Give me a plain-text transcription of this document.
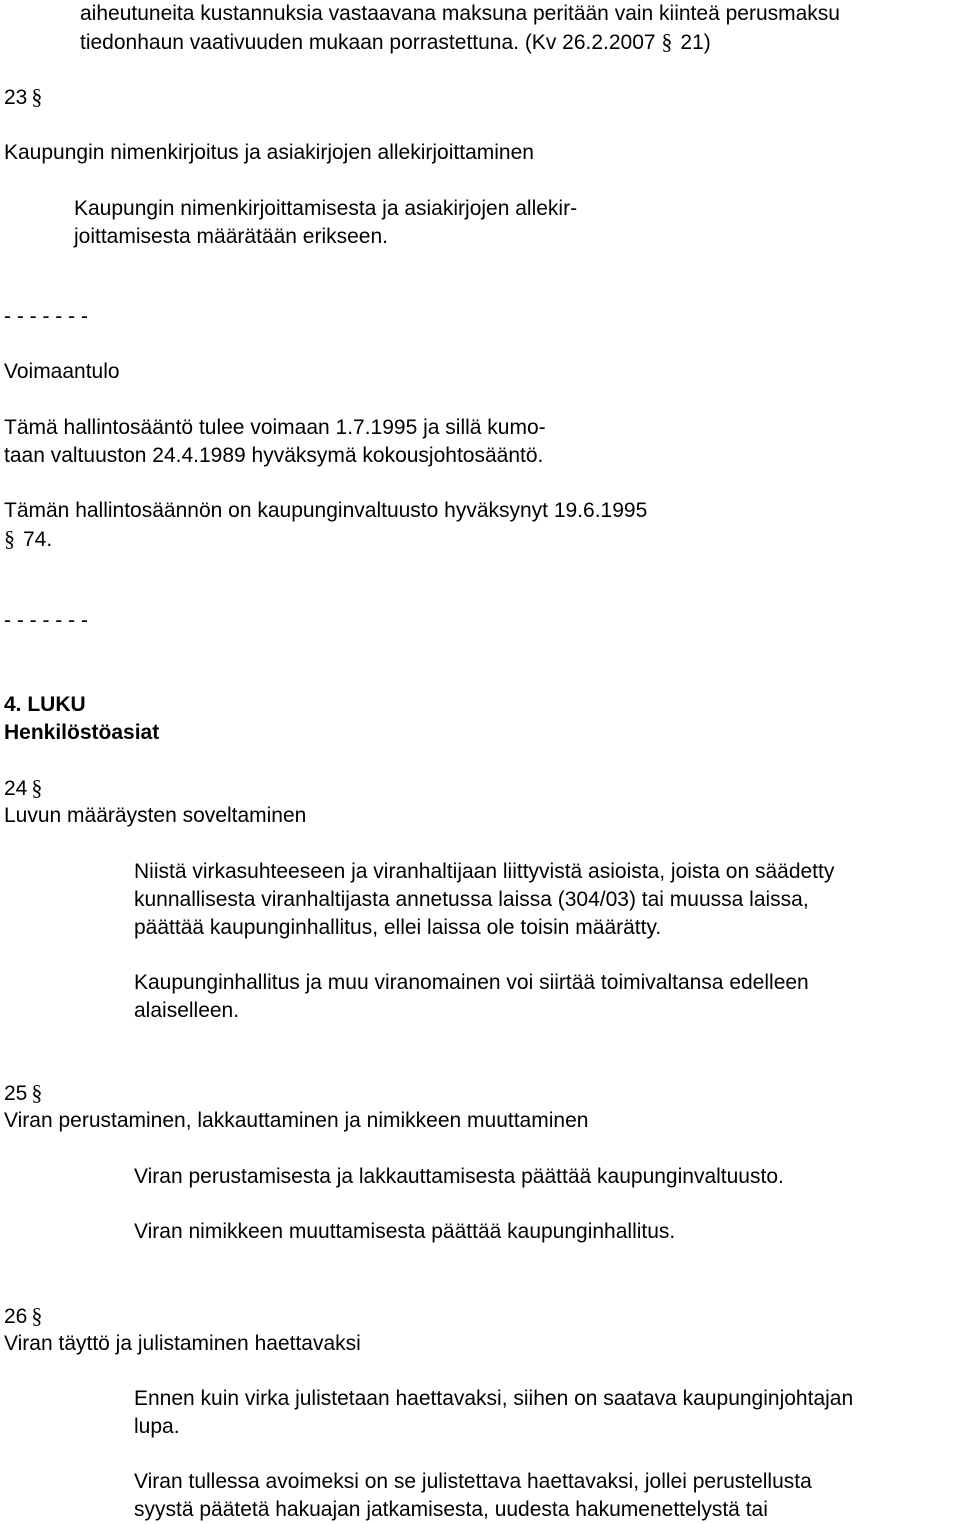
aiheutuneita kustannuksia vastaavana maksuna peritään vain kiinteä perusmaksu
tiedonhaun vaativuuden mukaan porrastettuna. (Kv 26.2.2007 § 21)
23 §
Kaupungin nimenkirjoitus ja asiakirjojen allekirjoittaminen
Kaupungin nimenkirjoittamisesta ja asiakirjojen allekir-
joittamisesta määrätään erikseen.
- - - - - - -
Voimaantulo
Tämä hallintosääntö tulee voimaan 1.7.1995 ja sillä kumo-
taan valtuuston 24.4.1989 hyväksymä kokousjohtosääntö.
Tämän hallintosäännön on kaupunginvaltuusto hyväksynyt 19.6.1995
§ 74.
- - - - - - -
4. LUKU
Henkilöstöasiat
24 §
Luvun määräysten soveltaminen
Niistä virkasuhteeseen ja viranhaltijaan liittyvistä asioista, joista on säädetty
kunnallisesta viranhaltijasta annetussa laissa (304/03) tai muussa laissa,
päättää kaupunginhallitus, ellei laissa ole toisin määrätty.
Kaupunginhallitus ja muu viranomainen voi siirtää toimivaltansa edelleen
alaiselleen.
25 §
Viran perustaminen, lakkauttaminen ja nimikkeen muuttaminen
Viran perustamisesta ja lakkauttamisesta päättää kaupunginvaltuusto.
Viran nimikkeen muuttamisesta päättää kaupunginhallitus.
26 §
Viran täyttö ja julistaminen haettavaksi
Ennen kuin virka julistetaan haettavaksi, siihen on saatava kaupunginjohtajan
lupa.
Viran tullessa avoimeksi on se julistettava haettavaksi, jollei perustellusta
syystä päätetä hakuajan jatkamisesta, uudesta hakumenettelystä tai
